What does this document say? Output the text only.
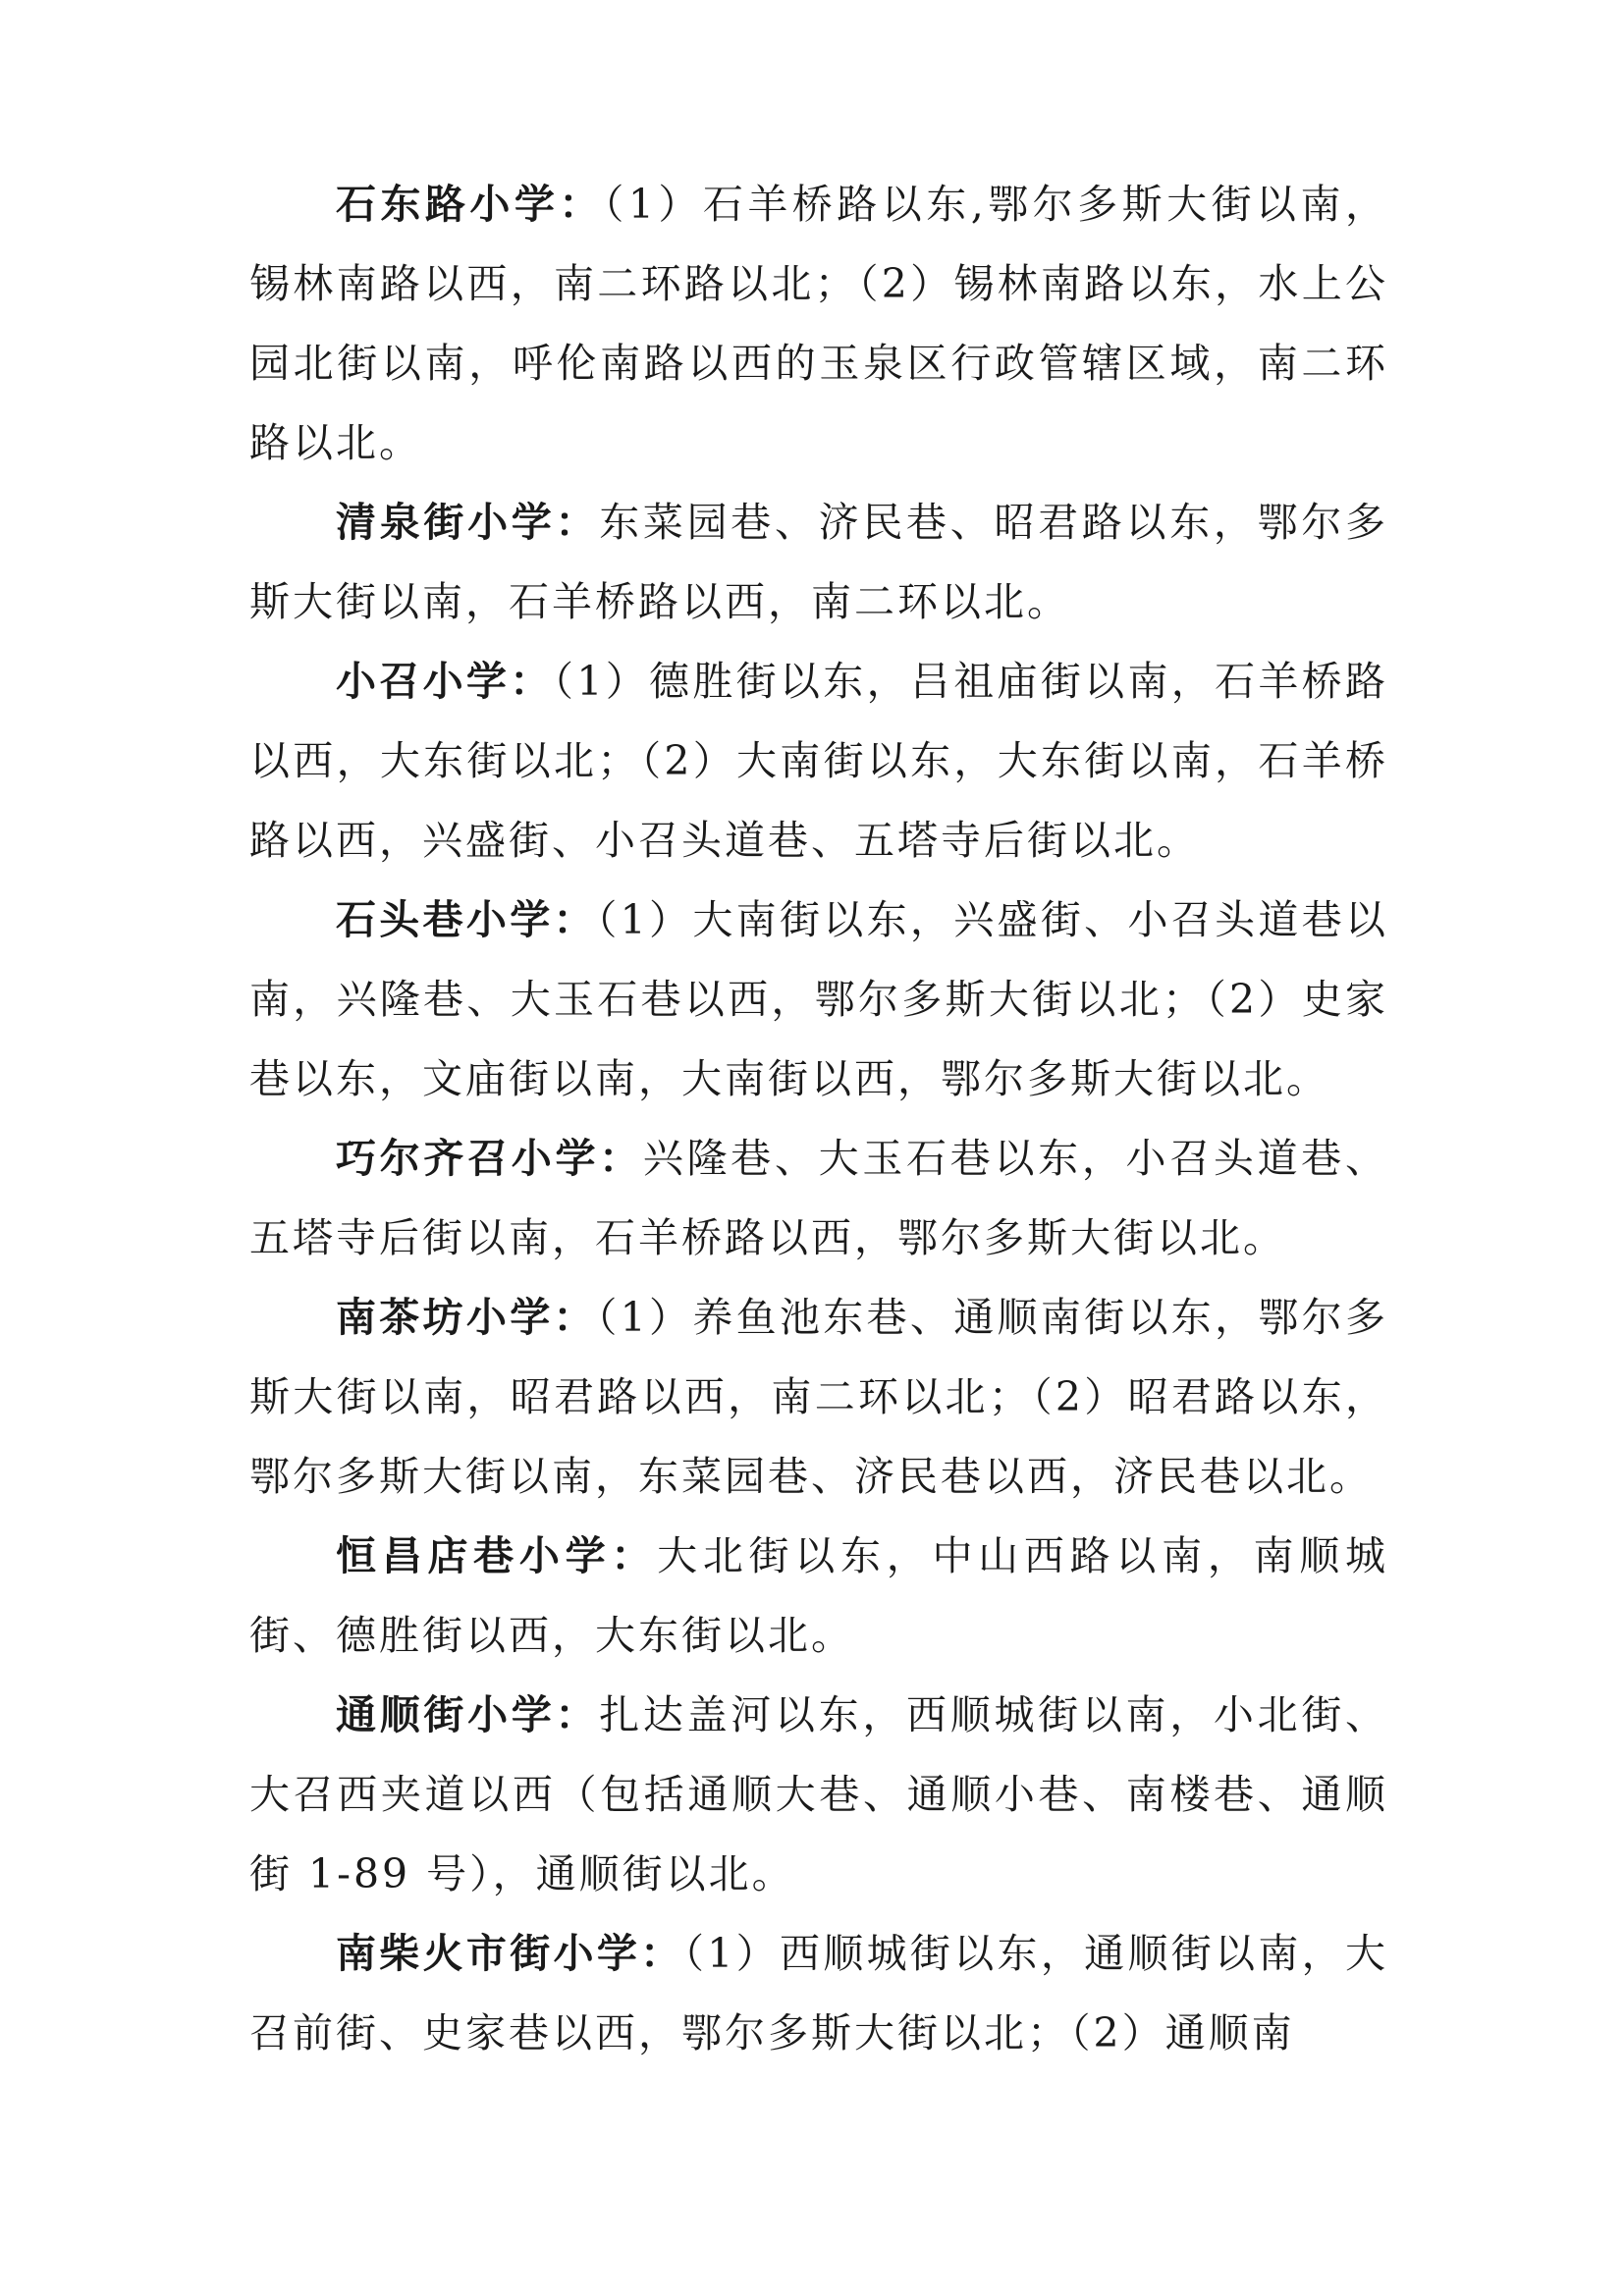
石东路小学：（1）石羊桥路以东,鄂尔多斯大街以南，锡林南路以西，南二环路以北；（2）锡林南路以东，水上公园北街以南，呼伦南路以西的玉泉区行政管辖区域，南二环路以北。

清泉街小学：东菜园巷、济民巷、昭君路以东，鄂尔多斯大街以南，石羊桥路以西，南二环以北。

小召小学：（1）德胜街以东，吕祖庙街以南，石羊桥路以西，大东街以北；（2）大南街以东，大东街以南，石羊桥路以西，兴盛街、小召头道巷、五塔寺后街以北。

石头巷小学：（1）大南街以东，兴盛街、小召头道巷以南，兴隆巷、大玉石巷以西，鄂尔多斯大街以北；（2）史家巷以东，文庙街以南，大南街以西，鄂尔多斯大街以北。

巧尔齐召小学：兴隆巷、大玉石巷以东，小召头道巷、五塔寺后街以南，石羊桥路以西，鄂尔多斯大街以北。

南茶坊小学：（1）养鱼池东巷、通顺南街以东，鄂尔多斯大街以南，昭君路以西，南二环以北；（2）昭君路以东，鄂尔多斯大街以南，东菜园巷、济民巷以西，济民巷以北。

恒昌店巷小学：大北街以东，中山西路以南，南顺城街、德胜街以西，大东街以北。

通顺街小学：扎达盖河以东，西顺城街以南，小北街、大召西夹道以西（包括通顺大巷、通顺小巷、南楼巷、通顺街 1-89 号），通顺街以北。

南柴火市街小学：（1）西顺城街以东，通顺街以南，大召前街、史家巷以西，鄂尔多斯大街以北；（2）通顺南
